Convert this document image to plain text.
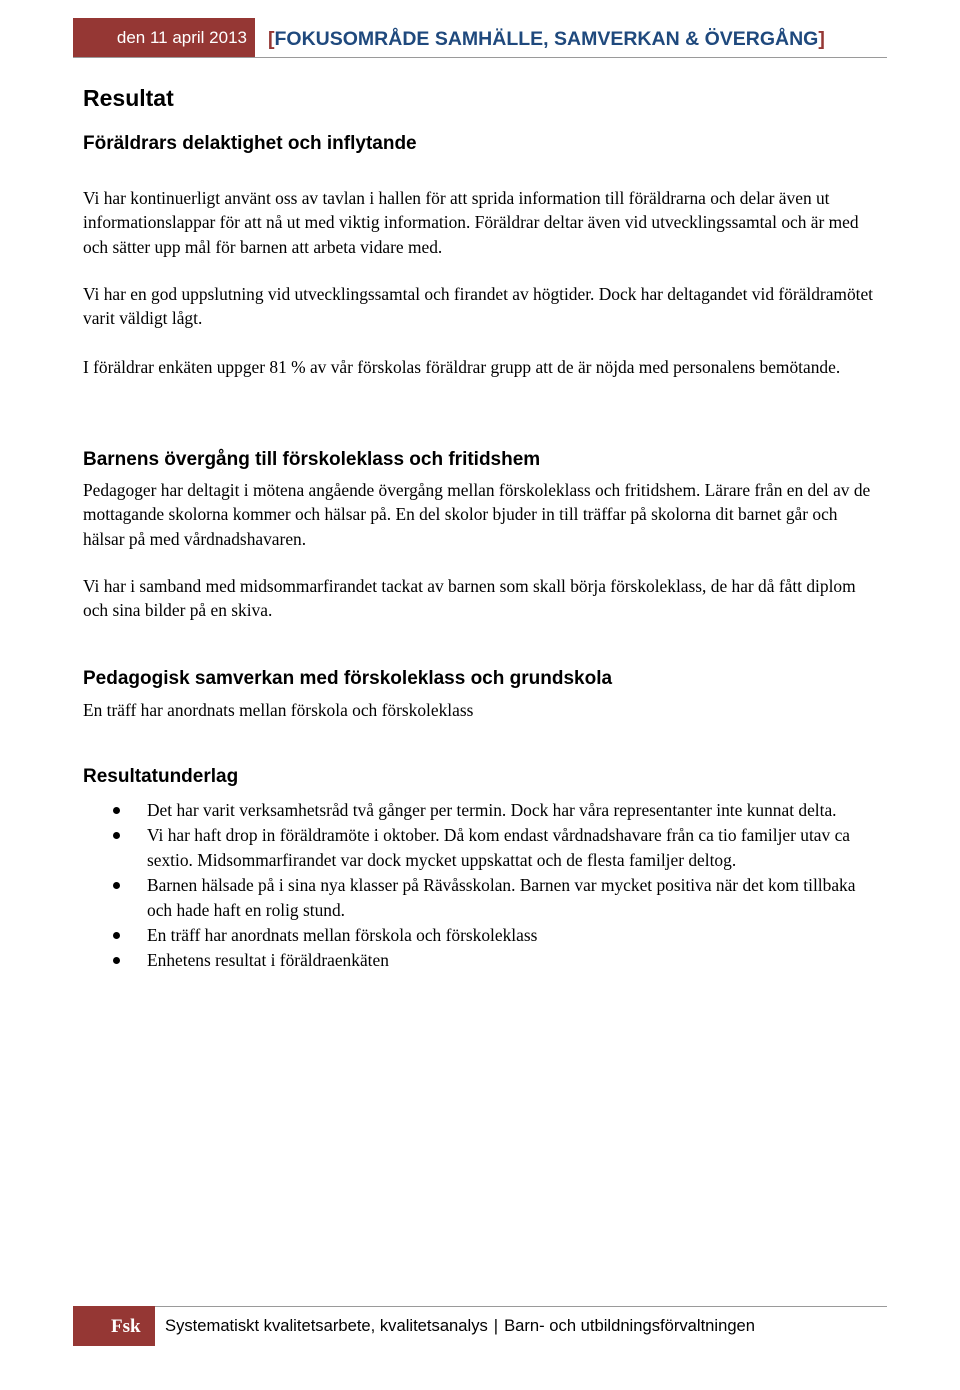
den 11 april 2013	[FOKUSOMRÅDE SAMHÄLLE, SAMVERKAN & ÖVERGÅNG]
Resultat
Föräldrars delaktighet och inflytande

Vi har kontinuerligt använt oss av tavlan i hallen för att sprida information till föräldrarna och delar även ut informationslappar för att nå ut med viktig information. Föräldrar deltar även vid utvecklingssamtal och är med och sätter upp mål för barnen att arbeta vidare med.

Vi har en god uppslutning vid utvecklingssamtal och firandet av högtider. Dock har deltagandet vid föräldramötet varit väldigt lågt.

I föräldrar enkäten uppger 81 % av vår förskolas föräldrar grupp att de är nöjda med personalens bemötande.

Barnens övergång till förskoleklass och fritidshem

Pedagoger har deltagit i mötena angående övergång mellan förskoleklass och fritidshem. Lärare från en del av de mottagande skolorna kommer och hälsar på. En del skolor bjuder in till träffar på skolorna dit barnet går och hälsar på med vårdnadshavaren.

Vi har i samband med midsommarfirandet tackat av barnen som skall börja förskoleklass, de har då fått diplom och sina bilder på en skiva.

Pedagogisk samverkan med förskoleklass och grundskola

En träff har anordnats mellan förskola och förskoleklass

Resultatunderlag
Det har varit verksamhetsråd två gånger per termin. Dock har våra representanter inte kunnat delta.
Vi har haft drop in föräldramöte i oktober. Då kom endast vårdnadshavare från ca tio familjer utav ca sextio. Midsommarfirandet var dock mycket uppskattat och de flesta familjer deltog.
Barnen hälsade på i sina nya klasser på Rävåsskolan. Barnen var mycket positiva när det kom tillbaka och hade haft en rolig stund.
En träff har anordnats mellan förskola och förskoleklass
Enhetens resultat i föräldraenkäten
Fsk Systematiskt kvalitetsarbete, kvalitetsanalys | Barn- och utbildningsförvaltningen
